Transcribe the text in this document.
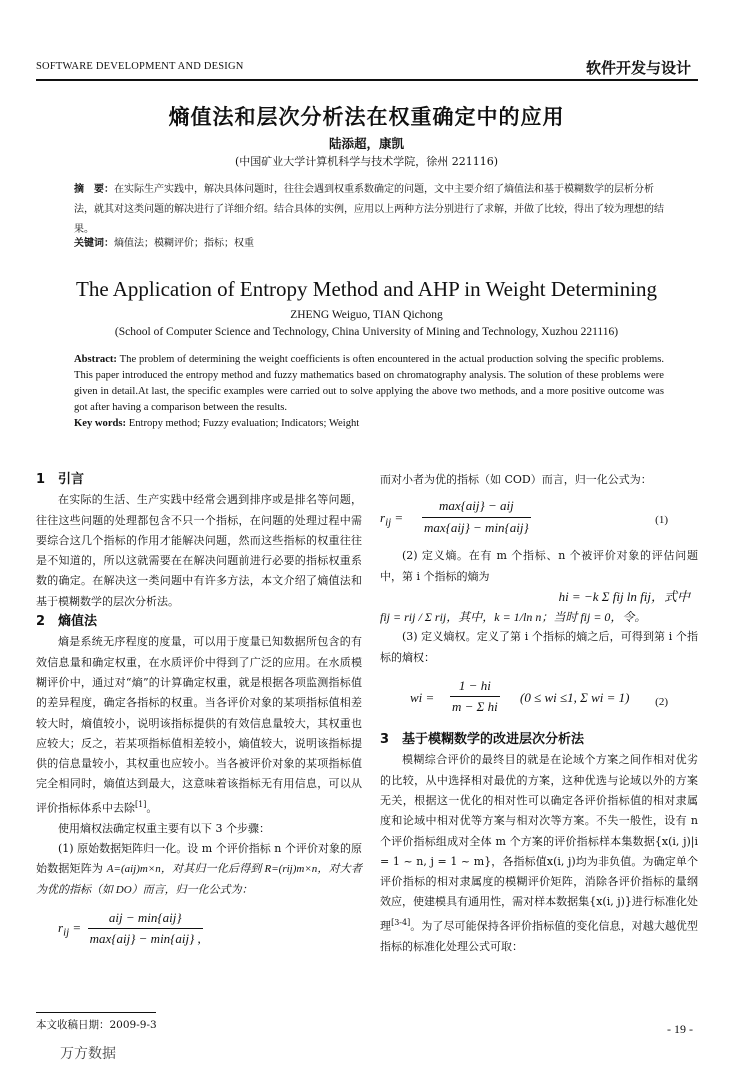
SOFTWARE DEVELOPMENT AND DESIGN	软件开发与设计
熵值法和层次分析法在权重确定中的应用
陆添超，康凯
(中国矿业大学计算机科学与技术学院，徐州 221116)
摘　要：在实际生产实践中，解决具体问题时，往往会遇到权重系数确定的问题，文中主要介绍了熵值法和基于模糊数学的层析分析法，就其对这类问题的解决进行了详细介绍。结合具体的实例，应用以上两种方法分别进行了求解，并做了比较，得出了较为理想的结果。
关键词：熵值法；模糊评价；指标；权重
The Application of Entropy Method and AHP in Weight Determining
ZHENG Weiguo, TIAN Qichong
(School of Computer Science and Technology, China University of Mining and Technology, Xuzhou 221116)
Abstract: The problem of determining the weight coefficients is often encountered in the actual production solving the specific problems. This paper introduced the entropy method and fuzzy mathematics based on chromatography analysis. The solution of these problems were given in detail.At last, the specific examples were carried out to solve applying the above two methods, and a more positive outcome was got after having a comparison between the results.
Key words: Entropy method; Fuzzy evaluation; Indicators; Weight
1　引言
在实际的生活、生产实践中经常会遇到排序或是排名等问题，往往这些问题的处理都包含不只一个指标，在问题的处理过程中需要综合这几个指标的作用才能解决问题，然而这些指标的权重往往是不知道的，所以这就需要在在解决问题前进行必要的指标权重系数的确定。在解决这一类问题中有许多方法，本文介绍了熵值法和基于模糊数学的层次分析法。
2　熵值法
熵是系统无序程度的度量，可以用于度量已知数据所包含的有效信息量和确定权重，在水质评价中得到了广泛的应用。在水质模糊评价中，通过对“熵”的计算确定权重，就是根据各项监测指标值的差异程度，确定各指标的权重。当各评价对象的某项指标值相差较大时，熵值较小，说明该指标提供的有效信息量较大，其权重也应较大；反之，若某项指标值相差较小，熵值较大，说明该指标提供的信息量较小，其权重也应较小。当各被评价对象的某项指标值完全相同时，熵值达到最大，这意味着该指标无有用信息，可以从评价指标体系中去除[1]。
使用熵权法确定权重主要有以下 3 个步骤：
(1) 原始数据矩阵归一化。设 m 个评价指标 n 个评价对象的原始数据矩阵为 A=(aij)m×n，对其归一化后得到 R=(rij)m×n，对大者为优的指标（如 DO）而言，归一化公式为：
$r_{ij} = \frac{\text{aij − min\{aij\}}}{\text{max\{aij\} − min\{aij\} ,}}$
本文收稿日期：2009-9-3
而对小者为优的指标（如 COD）而言，归一化公式为：
$r_{ij}$ =
max{aij} − aij
max{aij} − min{aij}	(1)
(2) 定义熵。在有 m 个指标、n 个被评价对象的评估问题中，第 i 个指标的熵为
hi = −k Σ fij ln fij，式中
fij = rij / Σ rij，其中，k = 1/ln n；当时 fij = 0，令。
(3) 定义熵权。定义了第 i 个指标的熵之后，可得到第 i 个指标的熵权：
wi = $\frac{1 - hi}{\text{m − Σ hi}} (0$ ≤ wi ≤1, Σ wi = 1) (2)
3　基于模糊数学的改进层次分析法
模糊综合评价的最终目的就是在论域个方案之间作相对优劣的比较，从中选择相对最优的方案，这种优选与论域以外的方案无关，根据这一优化的相对性可以确定各评价指标值的相对隶属度和论域中相对优等方案与相对次等方案。不失一般性，设有 n 个评价指标组成对全体 m 个方案的评价指标样本集数据{x(i, j)|i = 1 ~ n, j = 1 ~ m}，各指标值x(i, j)均为非负值。为确定单个评价指标的相对隶属度的模糊评价矩阵，消除各评价指标的量纲效应，使建模具有通用性，需对样本数据集{x(i, j)}进行标准化处理[3-4]。为了尽可能保持各评价指标值的变化信息，对越大越优型指标的标准化处理公式可取：
- 19 -
万方数据
